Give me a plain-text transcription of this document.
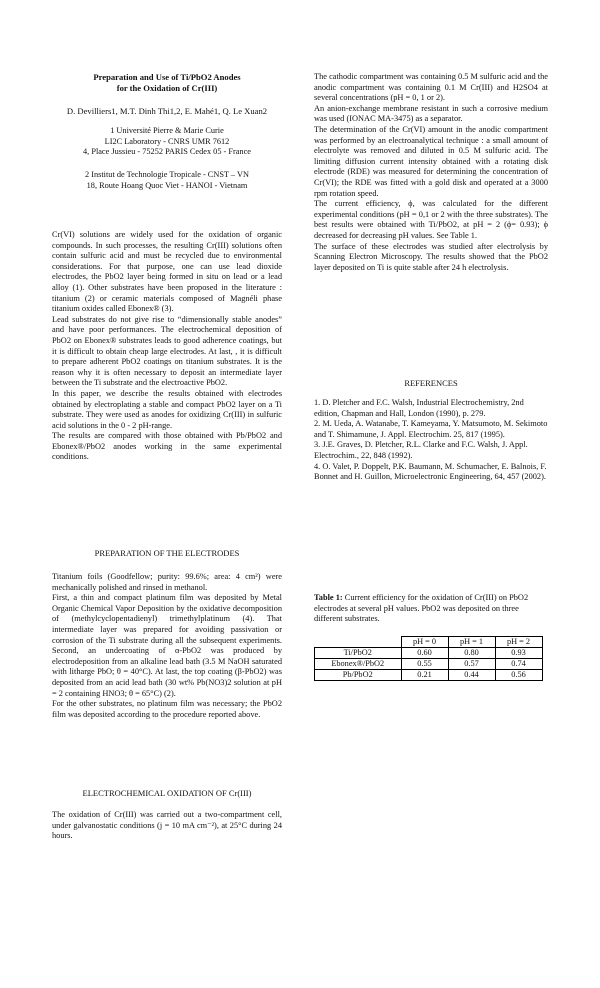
Preparation and Use of Ti/PbO2 Anodes
for the Oxidation of Cr(III)
D. Devilliers1, M.T. Dinh Thi1,2, E. Mahé1, Q. Le Xuan2
1 Université Pierre & Marie Curie
LI2C Laboratory - CNRS UMR 7612
4, Place Jussieu - 75252 PARIS Cedex 05 - France
2 Institut de Technologie Tropicale - CNST – VN
18, Route Hoang Quoc Viet - HANOI - Vietnam

Cr(VI) solutions are widely used for the oxidation of organic compounds. In such processes, the resulting Cr(III) solutions often contain sulfuric acid and must be recycled due to environmental considerations. For that purpose, one can use lead dioxide electrodes, the PbO2 layer being formed in situ on lead or a lead alloy (1). Other substrates have been proposed in the literature : titanium (2) or ceramic materials composed of Magnéli phase titanium oxides called Ebonex® (3).

Lead substrates do not give rise to “dimensionally stable anodes” and have poor performances. The electrochemical deposition of PbO2 on Ebonex® substrates leads to good adherence coatings, but it is difficult to obtain cheap large electrodes. At last, , it is difficult to prepare adherent PbO2 coatings on titanium substrates. It is the reason why it is often necessary to deposit an intermediate layer between the Ti substrate and the electroactive PbO2.

In this paper, we describe the results obtained with electrodes obtained by electroplating a stable and compact PbO2 layer on a Ti substrate. They were used as anodes for oxidizing Cr(III) in sulfuric acid solutions in the 0 - 2 pH-range.

The results are compared with those obtained with Pb/PbO2 and Ebonex®/PbO2 anodes working in the same experimental conditions.

PREPARATION OF THE ELECTRODES

Titanium foils (Goodfellow; purity: 99.6%; area: 4 cm²) were mechanically polished and rinsed in methanol.

First, a thin and compact platinum film was deposited by Metal Organic Chemical Vapor Deposition by the oxidative decomposition of (methylcyclopentadienyl) trimethylplatinum (4). That intermediate layer was prepared for avoiding passivation or corrosion of the Ti substrate during all the subsequent experiments. Second, an undercoating of α-PbO2 was produced by electrodeposition from an alkaline lead bath (3.5 M NaOH saturated with litharge PbO; θ = 40°C). At last, the top coating (β-PbO2) was deposited from an acid lead bath (30 wt% Pb(NO3)2 solution at pH = 2 containing HNO3; θ = 65°C) (2).

For the other substrates, no platinum film was necessary; the PbO2 film was deposited according to the procedure reported above.

ELECTROCHEMICAL OXIDATION OF Cr(III)

The oxidation of Cr(III) was carried out a two-compartment cell, under galvanostatic conditions (j = 10 mA cm⁻²), at 25°C during 24 hours.

The cathodic compartment was containing 0.5 M sulfuric acid and the anodic compartment was containing 0.1 M Cr(III) and H2SO4 at several concentrations (pH = 0, 1 or 2).

An anion-exchange membrane resistant in such a corrosive medium was used (IONAC MA-3475) as a separator.

The determination of the Cr(VI) amount in the anodic compartment was performed by an electroanalytical technique : a small amount of electrolyte was removed and diluted in 0.5 M sulfuric acid. The limiting diffusion current intensity obtained with a rotating disk electrode (RDE) was measured for determining the concentration of Cr(VI); the RDE was fitted with a gold disk and operated at a 3000 rpm rotation speed.

The current efficiency, ϕ, was calculated for the different experimental conditions (pH = 0,1 or 2 with the three substrates). The best results were obtained with Ti/PbO2, at pH = 2 (ϕ= 0.93); ϕ decreased for decreasing pH values. See Table 1.

The surface of these electrodes was studied after electrolysis by Scanning Electron Microscopy. The results showed that the PbO2 layer deposited on Ti is quite stable after 24 h electrolysis.

REFERENCES

1. D. Pletcher and F.C. Walsh, Industrial Electrochemistry, 2nd edition, Chapman and Hall, London (1990), p. 279.

2. M. Ueda, A. Watanabe, T. Kameyama, Y. Matsumoto, M. Sekimoto and T. Shimamune, J. Appl. Electrochim. 25, 817 (1995).

3. J.E. Graves, D. Pletcher, R.L. Clarke and F.C. Walsh, J. Appl. Electrochim., 22, 848 (1992).

4. O. Valet, P. Doppelt, P.K. Baumann, M. Schumacher, E. Balnois, F. Bonnet and H. Guillon, Microelectronic Engineering, 64, 457 (2002).

Table 1: Current efficiency for the oxidation of Cr(III) on PbO2 electrodes at several pH values. PbO2 was deposited on three different substrates.

	pH = 0	pH = 1	pH = 2
Ti/PbO2	0.60	0.80	0.93
Ebonex®/PbO2	0.55	0.57	0.74
Pb/PbO2	0.21	0.44	0.56
